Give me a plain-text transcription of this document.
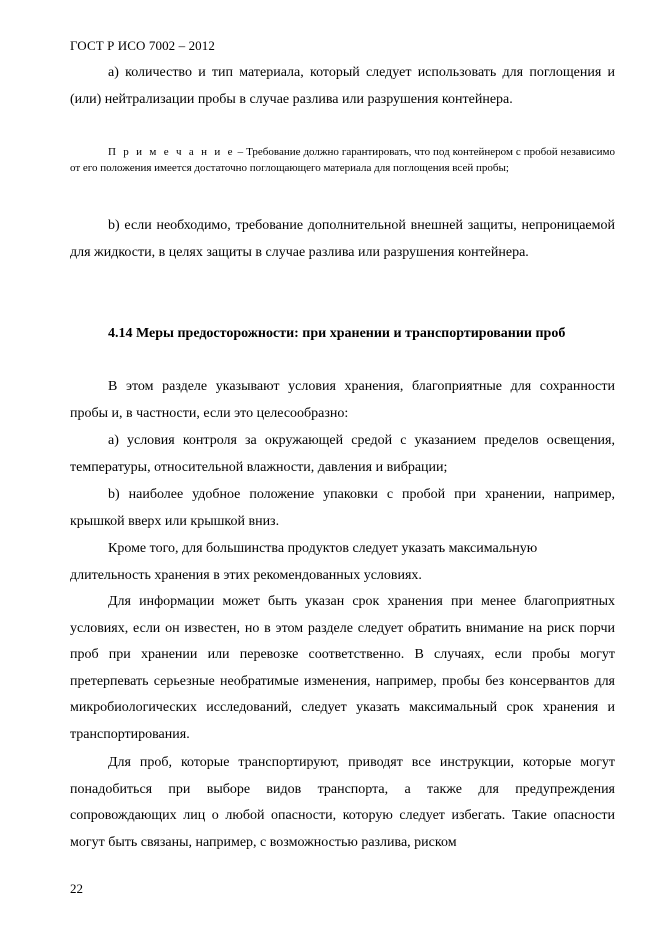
ГОСТ Р ИСО 7002 – 2012

a) количество и тип материала, который следует использовать для поглощения и (или) нейтрализации пробы в случае разлива или разрушения контейнера.

П р и м е ч а н и е – Требование должно гарантировать, что под контейнером с пробой независимо от его положения имеется достаточно поглощающего материала для поглощения всей пробы;

b) если необходимо, требование дополнительной внешней защиты, непроницаемой для жидкости, в целях защиты в случае разлива или разрушения контейнера.

4.14 Меры предосторожности: при хранении и транспортировании проб

В этом разделе указывают условия хранения, благоприятные для сохранности пробы и, в частности, если это целесообразно:

a) условия контроля за окружающей средой с указанием пределов освещения, температуры, относительной влажности, давления и вибрации;

b) наиболее удобное положение упаковки с пробой при хранении, например, крышкой вверх или крышкой вниз.

Кроме того, для большинства продуктов следует указать максимальную длительность хранения в этих рекомендованных условиях.

Для информации может быть указан срок хранения при менее благоприятных условиях, если он известен, но в этом разделе следует обратить внимание на риск порчи проб при хранении или перевозке соответственно. В случаях, если пробы могут претерпевать серьезные необратимые изменения, например, пробы без консервантов для микробиологических исследований, следует указать максимальный срок хранения и транспортирования.

Для проб, которые транспортируют, приводят все инструкции, которые могут понадобиться при выборе видов транспорта, а также для предупреждения сопровождающих лиц о любой опасности, которую следует избегать. Такие опасности могут быть связаны, например, с возможностью разлива, риском

22
